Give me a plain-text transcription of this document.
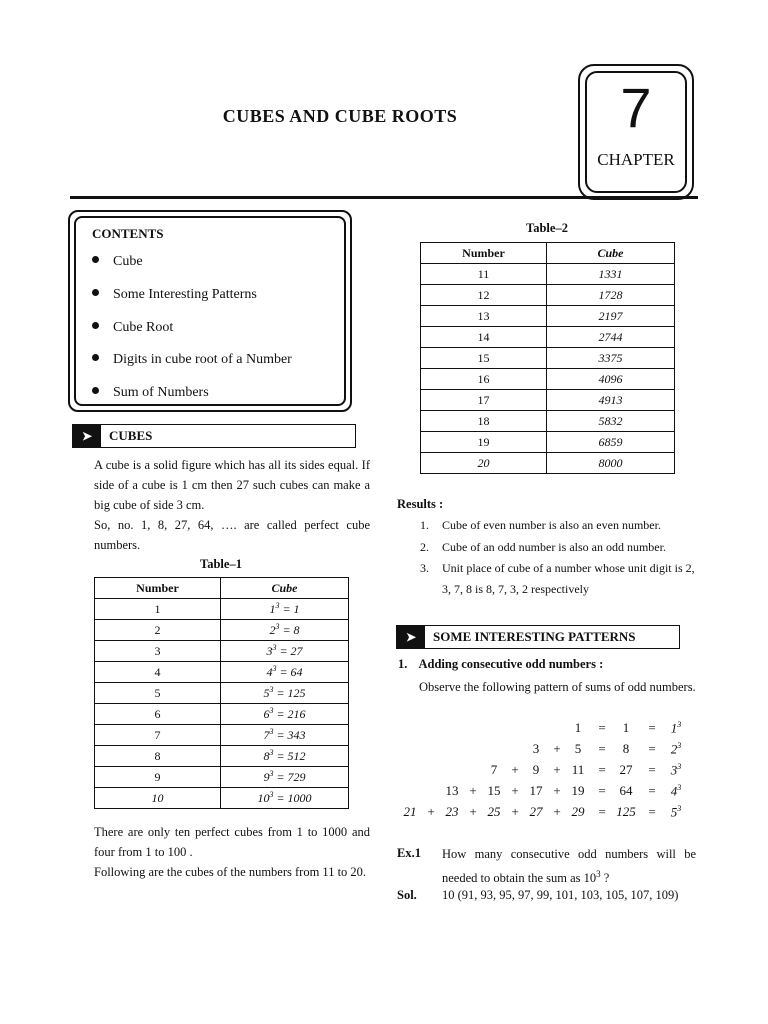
CUBES AND CUBE ROOTS	7
CHAPTER
CONTENTS
Cube
Some Interesting Patterns
Cube Root
Digits in cube root of a Number
Sum of Numbers
➤	CUBES
A cube is a solid figure which has all its sides equal. If side of a cube is 1 cm then 27 such cubes can make a big cube of side 3 cm.
So, no. 1, 8, 27, 64, …. are called perfect cube numbers.
Table–1
Number	Cube
1	$1^3 = 1$
2	$2^3 = 8$
3	$3^3 = 27$
4	$4^3 = 64$
5	$5^3 = 125$
6	$6^3 = 216$
7	$7^3 = 343$
8	$8^3 = 512$
9	$9^3 = 729$
10	$10^3 = 1000$
There are only ten perfect cubes from 1 to 1000 and four from 1 to 100 .
Following are the cubes of the numbers from 11 to 20.
Table–2
Number	Cube
11	1331
12	1728
13	2197
14	2744
15	3375
16	4096
17	4913
18	5832
19	6859
20	8000
Results :
1. Cube of even number is also an even number.
2. Cube of an odd number is also an odd number.
3. Unit place of cube of a number whose unit digit is 2, 3, 7, 8 is 8, 7, 3, 2 respectively
➤	SOME INTERESTING PATTERNS
1. Adding consecutive odd numbers :
Observe the following pattern of sums of odd numbers.
1	=	1	=	$1^3$
3	+	5	=	8	=	$2^3$
7	+	9	+ 11	=	27	=	$3^3$
13 + 15 + 17 + 19	=	64	=	$4^3$
21 + 23 + 25 + 27 + 29	= 125 =	$5^3$
Ex.1 How many consecutive odd numbers will be needed to obtain the sum as $10^3$ ?
Sol. 10 (91, 93, 95, 97, 99, 101, 103, 105, 107, 109)
